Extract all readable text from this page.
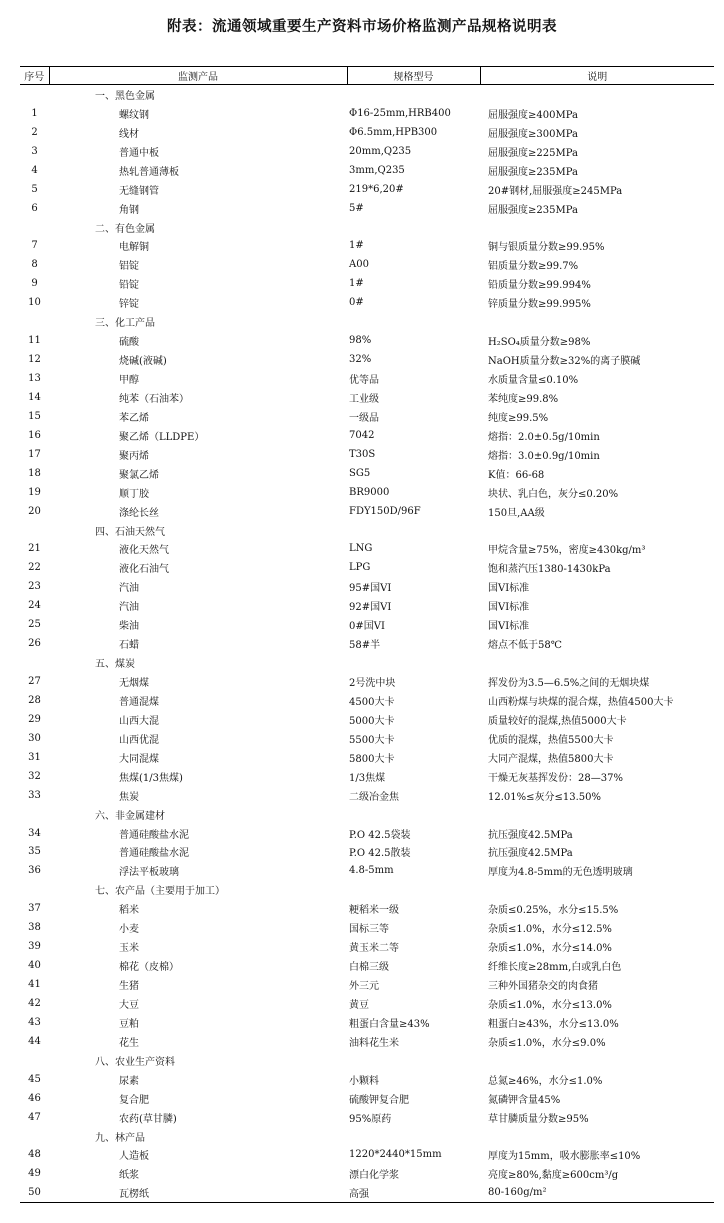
附表：流通领域重要生产资料市场价格监测产品规格说明表
序号	监测产品	规格型号	说明
	一、黑色金属		
1	螺纹钢	Φ16-25mm,HRB400	屈服强度≥400MPa
2	线材	Φ6.5mm,HPB300	屈服强度≥300MPa
3	普通中板	20mm,Q235	屈服强度≥225MPa
4	热轧普通薄板	3mm,Q235	屈服强度≥235MPa
5	无缝钢管	219*6,20#	20#钢材,屈服强度≥245MPa
6	角钢	5#	屈服强度≥235MPa
	二、有色金属		
7	电解铜	1#	铜与银质量分数≥99.95%
8	铝锭	A00	铝质量分数≥99.7%
9	铅锭	1#	铅质量分数≥99.994%
10	锌锭	0#	锌质量分数≥99.995%
	三、化工产品		
11	硫酸	98%	H₂SO₄质量分数≥98%
12	烧碱(液碱)	32%	NaOH质量分数≥32%的离子膜碱
13	甲醇	优等品	水质量含量≤0.10%
14	纯苯（石油苯）	工业级	苯纯度≥99.8%
15	苯乙烯	一级品	纯度≥99.5%
16	聚乙烯（LLDPE）	7042	熔指：2.0±0.5g/10min
17	聚丙烯	T30S	熔指：3.0±0.9g/10min
18	聚氯乙烯	SG5	K值：66-68
19	顺丁胶	BR9000	块状、乳白色，灰分≤0.20%
20	涤纶长丝	FDY150D/96F	150旦,AA级
	四、石油天然气		
21	液化天然气	LNG	甲烷含量≥75%，密度≥430kg/m³
22	液化石油气	LPG	饱和蒸汽压1380-1430kPa
23	汽油	95#国VI	国VI标准
24	汽油	92#国VI	国VI标准
25	柴油	0#国VI	国VI标准
26	石蜡	58#半	熔点不低于58℃
	五、煤炭		
27	无烟煤	2号洗中块	挥发份为3.5—6.5%之间的无烟块煤
28	普通混煤	4500大卡	山西粉煤与块煤的混合煤，热值4500大卡
29	山西大混	5000大卡	质量较好的混煤,热值5000大卡
30	山西优混	5500大卡	优质的混煤，热值5500大卡
31	大同混煤	5800大卡	大同产混煤，热值5800大卡
32	焦煤(1/3焦煤)	1/3焦煤	干燥无灰基挥发份：28—37%
33	焦炭	二级冶金焦	12.01%≤灰分≤13.50%
	六、非金属建材		
34	普通硅酸盐水泥	P.O 42.5袋装	抗压强度42.5MPa
35	普通硅酸盐水泥	P.O 42.5散装	抗压强度42.5MPa
36	浮法平板玻璃	4.8-5mm	厚度为4.8-5mm的无色透明玻璃
	七、农产品（主要用于加工）		
37	稻米	粳稻米一级	杂质≤0.25%，水分≤15.5%
38	小麦	国标三等	杂质≤1.0%，水分≤12.5%
39	玉米	黄玉米二等	杂质≤1.0%，水分≤14.0%
40	棉花（皮棉）	白棉三级	纤维长度≥28mm,白或乳白色
41	生猪	外三元	三种外国猪杂交的肉食猪
42	大豆	黄豆	杂质≤1.0%，水分≤13.0%
43	豆粕	粗蛋白含量≥43%	粗蛋白≥43%，水分≤13.0%
44	花生	油料花生米	杂质≤1.0%，水分≤9.0%
	八、农业生产资料		
45	尿素	小颗料	总氮≥46%，水分≤1.0%
46	复合肥	硫酸钾复合肥	氮磷钾含量45%
47	农药(草甘膦)	95%原药	草甘膦质量分数≥95%
	九、林产品		
48	人造板	1220*2440*15mm	厚度为15mm，吸水膨胀率≤10%
49	纸浆	漂白化学浆	亮度≥80%,黏度≥600cm³/g
50	瓦楞纸	高强	80-160g/m²
